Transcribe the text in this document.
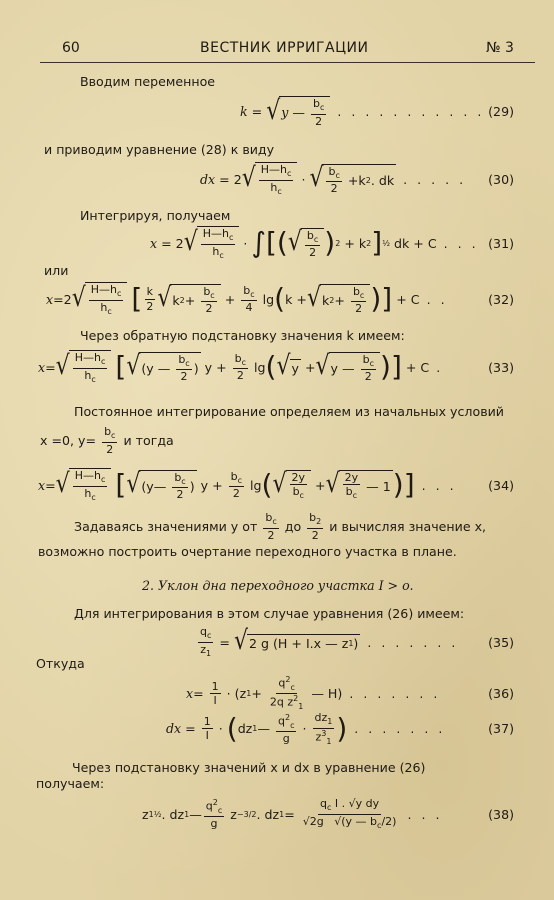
60	ВЕСТНИК ИРРИГАЦИИ	№ 3
Вводим переменное
k = √ y — $\frac{b_c}{2}$ . . . . . . . . . . . (29)
и приводим уравнение (28) к виду
dx = 2 √ $\frac{H—h_c}{h_c}$ · √ $\frac{b_c}{2} +k$ 2 . dk . . . . . (30)
Интегрируя, получаем
x = 2 √ $\frac{H—h_c}{h_c}$ · ∫ [ ( √ $\frac{b_c}{2}$ ) 2 + k 2 ] ½ dk + C . . . (31)
или
x =2 √ $\frac{H—h_c}{h_c}$
[ $\frac{k}{2}$ √ k $2 + \frac{b_c}{2} + \frac{b_c}{4}$ lg ( k + √ k $2 + \frac{b_c}{2}$ ) ] + C . .	(32)
Через обратную подстановку значения k имеем:
x = √ $\frac{H—h_c}{h_c}$
[ √ (y — $\frac{b_c}{2}$ ) $y + \frac{b_c}{2}$ lg ( √ y + √ y — $\frac{b_c}{2}$ ) ] + C .	(33)
Постоянное интегрирование определяем из начальных условий
x =0, y=
$\frac{b_c}{2}$
и тогда
x = √ $\frac{H—h_c}{h_c}$
[ √ (y— $\frac{b_c}{2}$ ) $y + \frac{b_c}{2}$ lg ( √ $\frac{2y}{b_c}$ + √ $\frac{2y}{b_c}$ — 1 ) ] . . . (34)
Задаваясь значениями y от
$\frac{b_c}{2}$
до
$\frac{b_2}{2}$
и вычисляя значение x,
возможно построить очертание переходного участка в плане.
2. Уклон дна переходного участка I > o.
Для интегрирования в этом случае уравнения (26) имеем:
$\frac{q_c}{z_1}$ = √ 2 g (H + I.x — z 1 ) . . . . . . . (35)
Откуда
$x = \frac{1}{I} \cdot (z$ $1 + \frac{q^2_c}{2q z^2_1}$ — H) . . . . . . .	(36)
dx = $\frac{1}{I}$ · ( dz 1 — $\frac{q^2_c}{g} \cdot \frac{dz_1}{z^3_1}$ ) . . . . . . .	(37)
Через подстановку значений x и dx в уравнение (26)
получаем:
z 1 ½ . dz 1 — $\frac{q^2_c}{g}$ z −3/2 . dz $1 = \frac{q_c I . √y dy}{√2g √(y — b_c/2)}$ . . .	(38)
